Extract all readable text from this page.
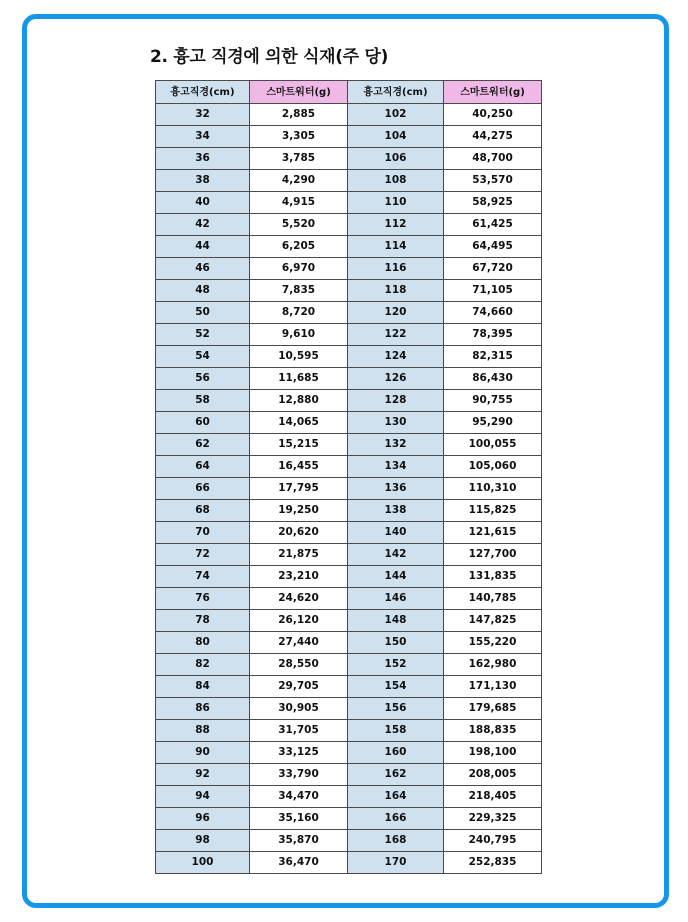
2. 흉고 직경에 의한 식재(주 당)
흉고직경(cm)	스마트워터(g)	흉고직경(cm)	스마트워터(g)
32	2,885	102	40,250
34	3,305	104	44,275
36	3,785	106	48,700
38	4,290	108	53,570
40	4,915	110	58,925
42	5,520	112	61,425
44	6,205	114	64,495
46	6,970	116	67,720
48	7,835	118	71,105
50	8,720	120	74,660
52	9,610	122	78,395
54	10,595	124	82,315
56	11,685	126	86,430
58	12,880	128	90,755
60	14,065	130	95,290
62	15,215	132	100,055
64	16,455	134	105,060
66	17,795	136	110,310
68	19,250	138	115,825
70	20,620	140	121,615
72	21,875	142	127,700
74	23,210	144	131,835
76	24,620	146	140,785
78	26,120	148	147,825
80	27,440	150	155,220
82	28,550	152	162,980
84	29,705	154	171,130
86	30,905	156	179,685
88	31,705	158	188,835
90	33,125	160	198,100
92	33,790	162	208,005
94	34,470	164	218,405
96	35,160	166	229,325
98	35,870	168	240,795
100	36,470	170	252,835
